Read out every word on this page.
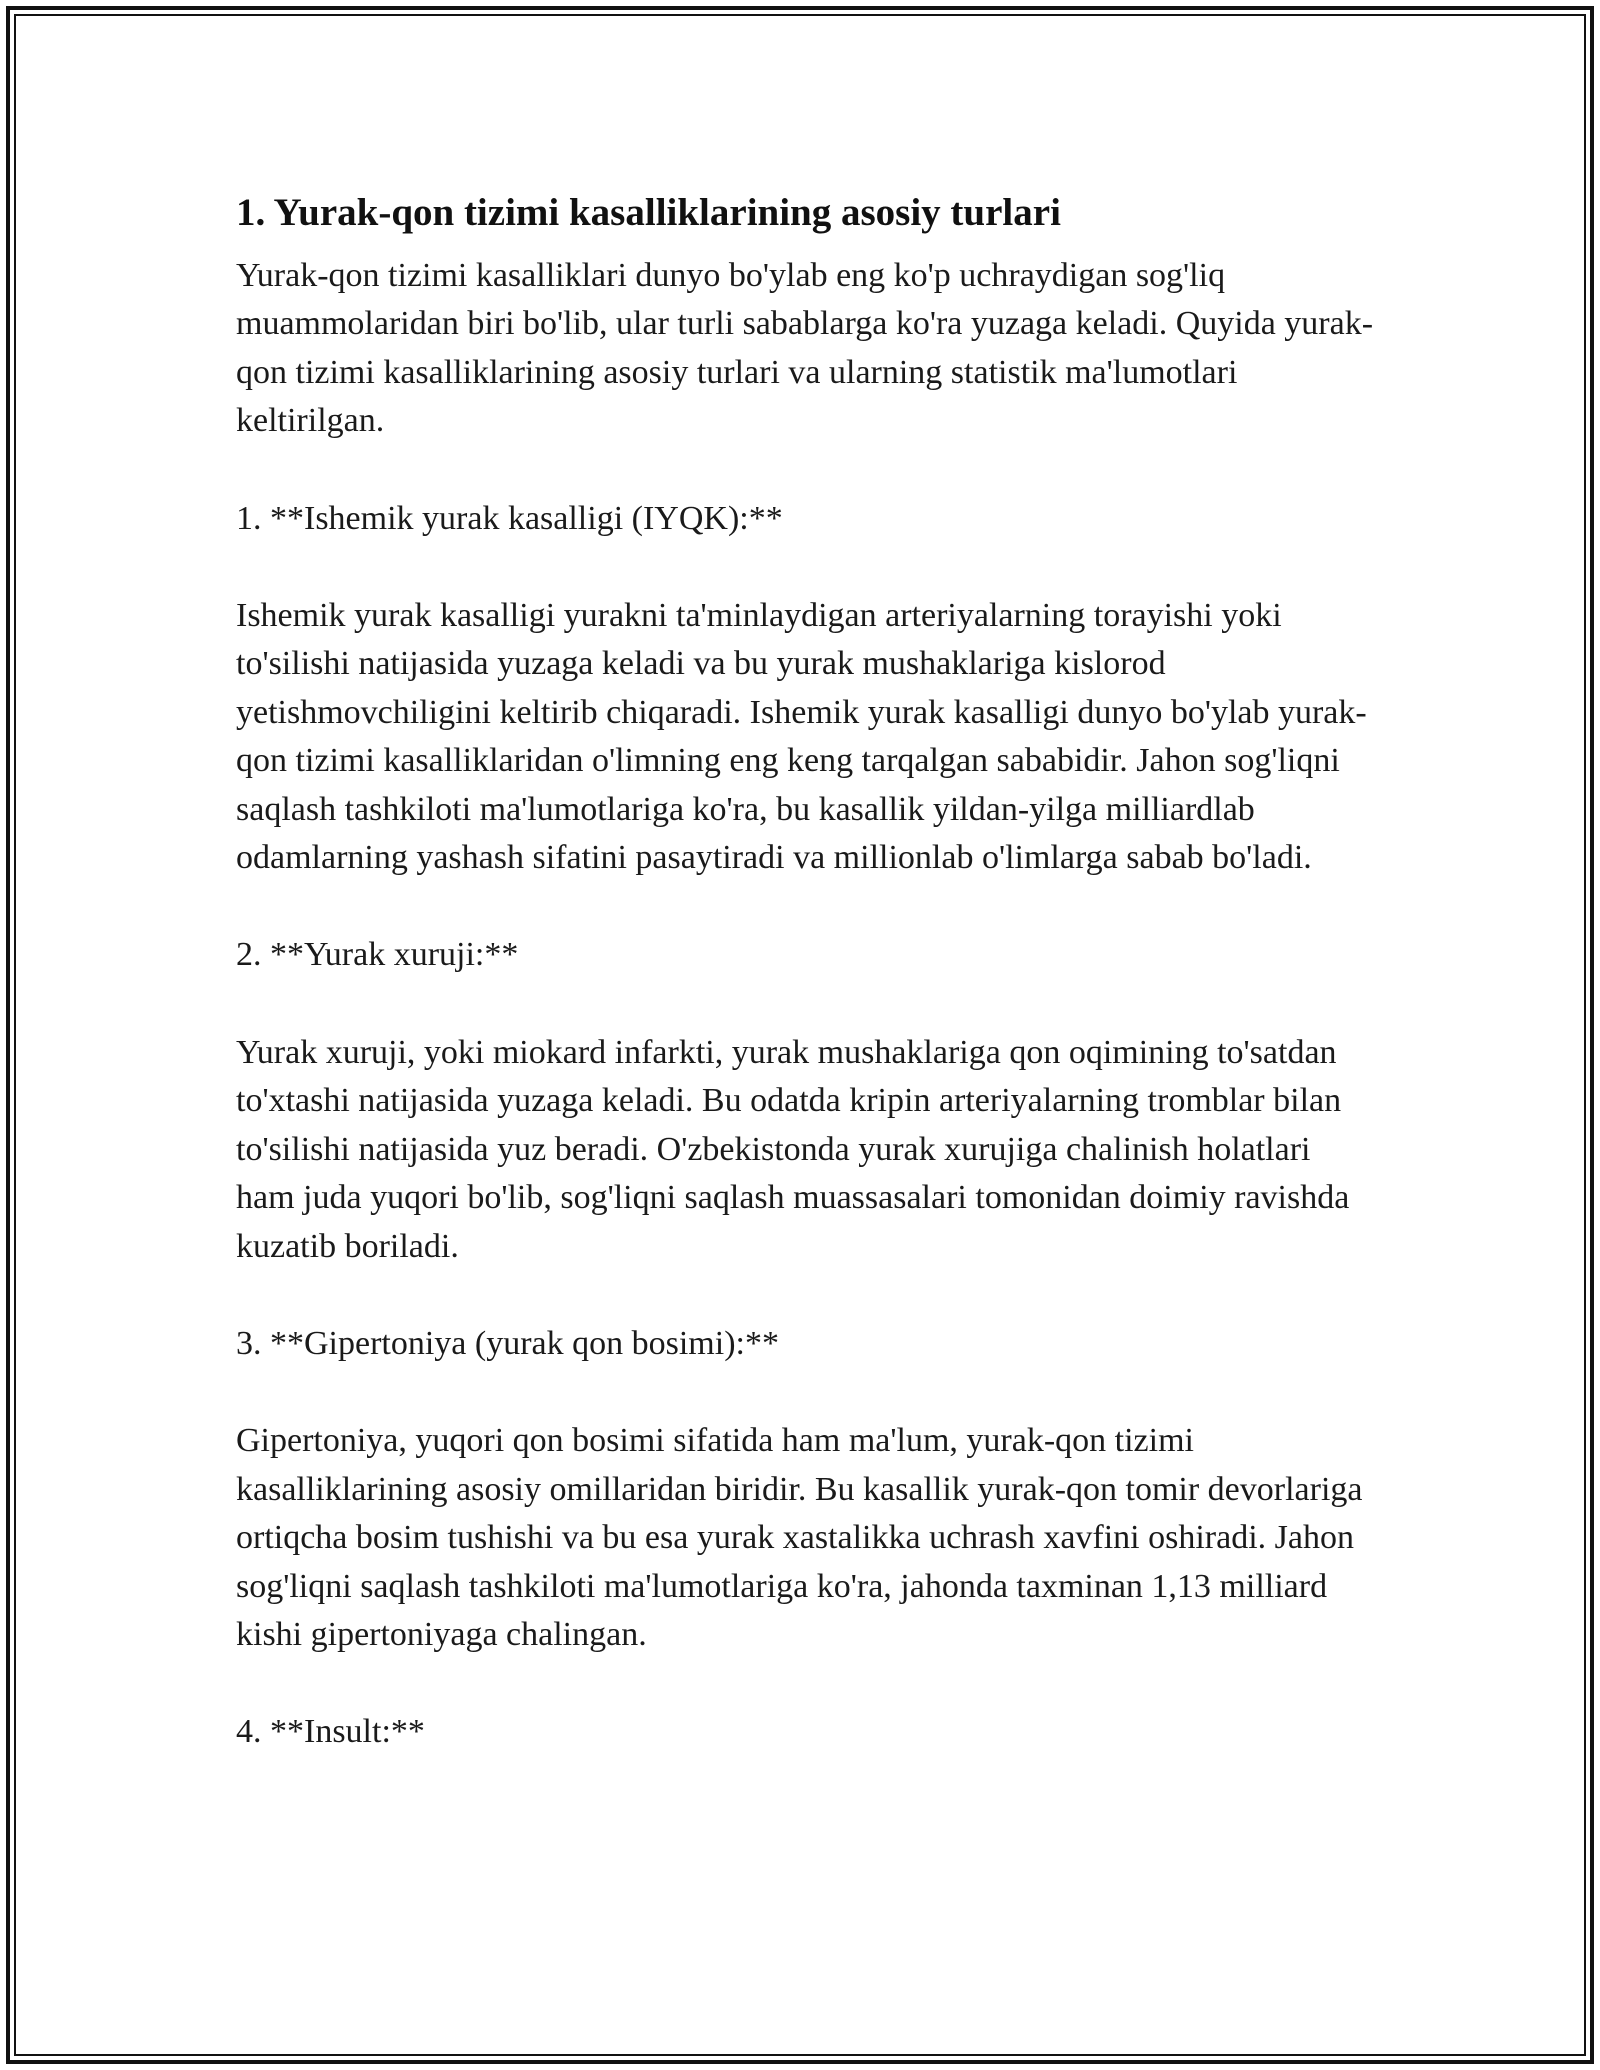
1. Yurak-qon tizimi kasalliklarining asosiy turlari

Yurak-qon tizimi kasalliklari dunyo bo'ylab eng ko'p uchraydigan sog'liq muammolaridan biri bo'lib, ular turli sabablarga ko'ra yuzaga keladi. Quyida yurak-qon tizimi kasalliklarining asosiy turlari va ularning statistik ma'lumotlari keltirilgan.

1. **Ishemik yurak kasalligi (IYQK):**

Ishemik yurak kasalligi yurakni ta'minlaydigan arteriyalarning torayishi yoki to'silishi natijasida yuzaga keladi va bu yurak mushaklariga kislorod yetishmovchiligini keltirib chiqaradi. Ishemik yurak kasalligi dunyo bo'ylab yurak-qon tizimi kasalliklaridan o'limning eng keng tarqalgan sababidir. Jahon sog'liqni saqlash tashkiloti ma'lumotlariga ko'ra, bu kasallik yildan-yilga milliardlab odamlarning yashash sifatini pasaytiradi va millionlab o'limlarga sabab bo'ladi.

2. **Yurak xuruji:**

Yurak xuruji, yoki miokard infarkti, yurak mushaklariga qon oqimining to'satdan to'xtashi natijasida yuzaga keladi. Bu odatda kripin arteriyalarning tromblar bilan to'silishi natijasida yuz beradi. O'zbekistonda yurak xurujiga chalinish holatlari ham juda yuqori bo'lib, sog'liqni saqlash muassasalari tomonidan doimiy ravishda kuzatib boriladi.

3. **Gipertoniya (yurak qon bosimi):**

Gipertoniya, yuqori qon bosimi sifatida ham ma'lum, yurak-qon tizimi kasalliklarining asosiy omillaridan biridir. Bu kasallik yurak-qon tomir devorlariga ortiqcha bosim tushishi va bu esa yurak xastalikka uchrash xavfini oshiradi. Jahon sog'liqni saqlash tashkiloti ma'lumotlariga ko'ra, jahonda taxminan 1,13 milliard kishi gipertoniyaga chalingan.

4. **Insult:**
